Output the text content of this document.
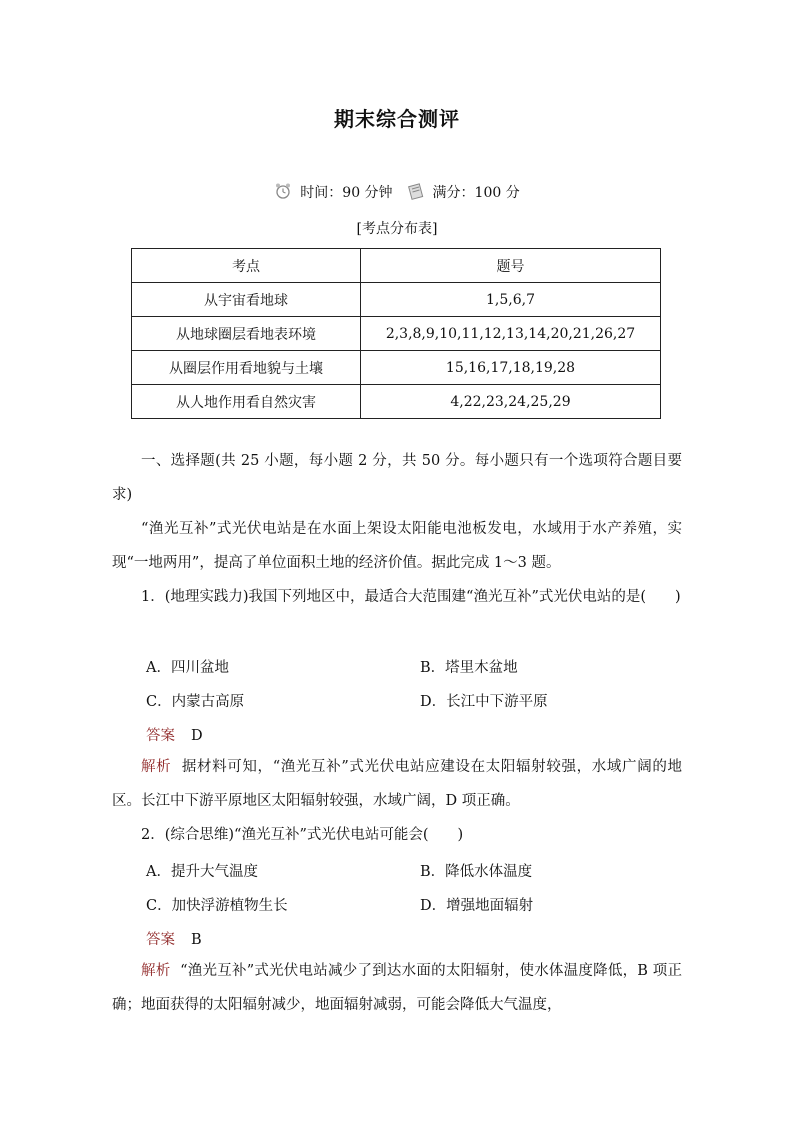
期末综合测评
时间：90 分钟	满分：100 分
[考点分布表]
考点	题号
从宇宙看地球	1,5,6,7
从地球圈层看地表环境	2,3,8,9,10,11,12,13,14,20,21,26,27
从圈层作用看地貌与土壤	15,16,17,18,19,28
从人地作用看自然灾害	4,22,23,24,25,29
一、选择题(共 25 小题，每小题 2 分，共 50 分。每小题只有一个选项符合题目要求)
“渔光互补”式光伏电站是在水面上架设太阳能电池板发电，水域用于水产养殖，实现“一地两用”，提高了单位面积土地的经济价值。据此完成 1～3 题。
1．(地理实践力)我国下列地区中，最适合大范围建“渔光互补”式光伏电站的是(　　)
A．四川盆地	B．塔里木盆地
C．内蒙古高原	D．长江中下游平原
答案 D
解析 据材料可知，“渔光互补”式光伏电站应建设在太阳辐射较强，水域广阔的地区。长江中下游平原地区太阳辐射较强，水域广阔，D 项正确。
2．(综合思维)“渔光互补”式光伏电站可能会(　　)
A．提升大气温度	B．降低水体温度
C．加快浮游植物生长	D．增强地面辐射
答案 B
解析 “渔光互补”式光伏电站减少了到达水面的太阳辐射，使水体温度降低，B 项正确；地面获得的太阳辐射减少，地面辐射减弱，可能会降低大气温度，
